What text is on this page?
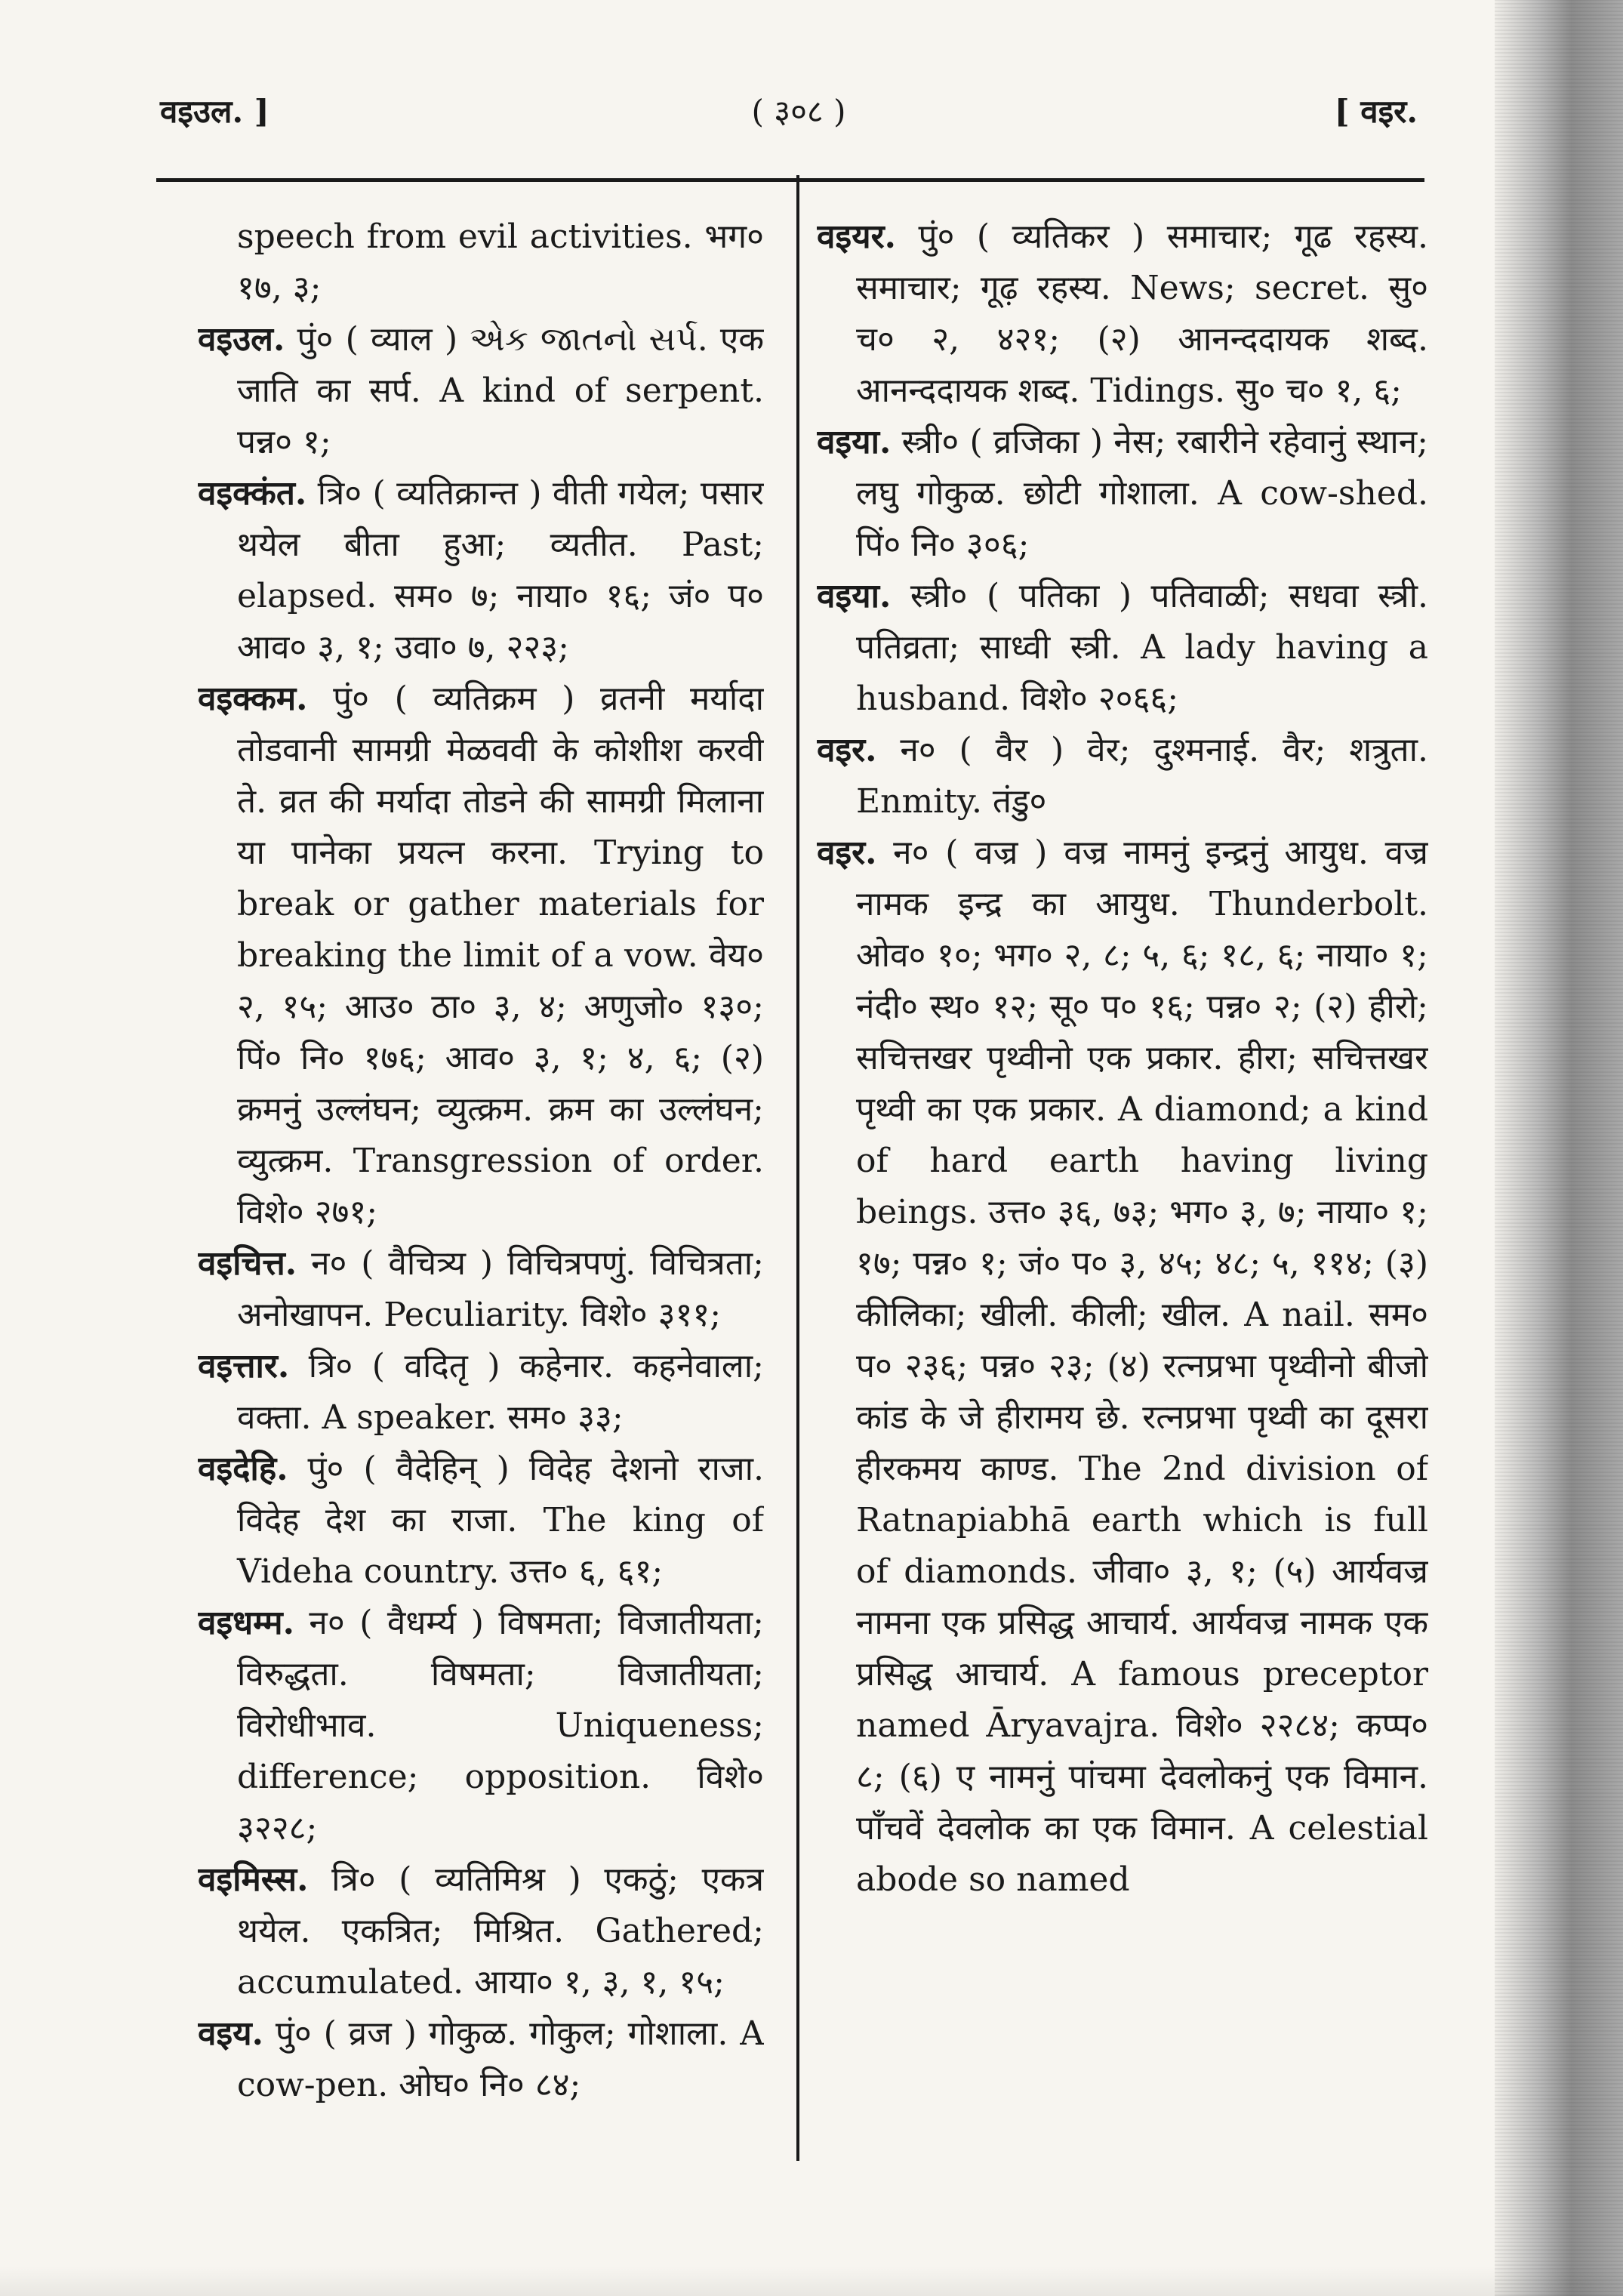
वइउल. ]	( ३०८ )	[ वइर.

speech from evil activities. भग० १७, ३;

वइउल. पुं० ( व्याल ) એક જાતનો સર્પ. एक जाति का सर्प. A kind of serpent. पन्न० १;

वइक्कंत. त्रि० ( व्यतिक्रान्त ) वीती गयेल; पसार थयेल बीता हुआ; व्यतीत. Past; elapsed. सम० ७; नाया० १६; जं० प० आव० ३, १; उवा० ७, २२३;

वइक्कम. पुं० ( व्यतिक्रम ) व्रतनी मर्यादा तोडवानी सामग्री मेळववी के कोशीश करवी ते. व्रत की मर्यादा तोडने की सामग्री मिलाना या पानेका प्रयत्न करना. Trying to break or gather materials for breaking the limit of a vow. वेय० २, १५; आउ० ठा० ३, ४; अणुजो० १३०; पिं० नि० १७६; आव० ३, १; ४, ६; (२) क्रमनुं उल्लंघन; व्युत्क्रम. क्रम का उल्लंघन; व्युत्क्रम. Transgression of order. विशे० २७१;

वइचित्त. न० ( वैचित्र्य ) विचित्रपणुं. विचित्रता; अनोखापन. Peculiarity. विशे० ३११;

वइत्तार. त्रि० ( वदितृ ) कहेनार. कहनेवाला; वक्ता. A speaker. सम० ३३;

वइदेहि. पुं० ( वैदेहिन् ) विदेह देशनो राजा. विदेह देश का राजा. The king of Videha country. उत्त० ६, ६१;

वइधम्म. न० ( वैधर्म्य ) विषमता; विजातीयता; विरुद्धता. विषमता; विजातीयता; विरोधीभाव. Uniqueness; difference; opposition. विशे० ३२२८;

वइमिस्स. त्रि० ( व्यतिमिश्र ) एकठुं; एकत्र थयेल. एकत्रित; मिश्रित. Gathered; accumulated. आया० १, ३, १, १५;

वइय. पुं० ( व्रज ) गोकुळ. गोकुल; गोशाला. A cow-pen. ओघ० नि० ८४;

वइयर. पुं० ( व्यतिकर ) समाचार; गूढ रहस्य. समाचार; गूढ़ रहस्य. News; secret. सु० च० २, ४२१; (२) आनन्ददायक शब्द. आनन्ददायक शब्द. Tidings. सु० च० १, ६;

वइया. स्त्री० ( व्रजिका ) नेस; रबारीने रहेवानुं स्थान; लघु गोकुळ. छोटी गोशाला. A cow-shed. पिं० नि० ३०६;

वइया. स्त्री० ( पतिका ) पतिवाळी; सधवा स्त्री. पतिव्रता; साध्वी स्त्री. A lady having a husband. विशे० २०६६;

वइर. न० ( वैर ) वेर; दुश्मनाई. वैर; शत्रुता. Enmity. तंडु०

वइर. न० ( वज्र ) वज्र नामनुं इन्द्रनुं आयुध. वज्र नामक इन्द्र का आयुध. Thunderbolt. ओव० १०; भग० २, ८; ५, ६; १८, ६; नाया० १; नंदी० स्थ० १२; सू० प० १६; पन्न० २; (२) हीरो; सचित्तखर पृथ्वीनो एक प्रकार. हीरा; सचित्तखर पृथ्वी का एक प्रकार. A diamond; a kind of hard earth having living beings. उत्त० ३६, ७३; भग० ३, ७; नाया० १; १७; पन्न० १; जं० प० ३, ४५; ४८; ५, ११४; (३) कीलिका; खीली. कीली; खील. A nail. सम० प० २३६; पन्न० २३; (४) रत्नप्रभा पृथ्वीनो बीजो कांड के जे हीरामय छे. रत्नप्रभा पृथ्वी का दूसरा हीरकमय काण्ड. The 2nd division of Ratnapiabhā earth which is full of diamonds. जीवा० ३, १; (५) आर्यवज्र नामना एक प्रसिद्ध आचार्य. आर्यवज्र नामक एक प्रसिद्ध आचार्य. A famous preceptor named Āryavajra. विशे० २२८४; कप्प० ८; (६) ए नामनुं पांचमा देवलोकनुं एक विमान. पाँचवें देवलोक का एक विमान. A celestial abode so named
